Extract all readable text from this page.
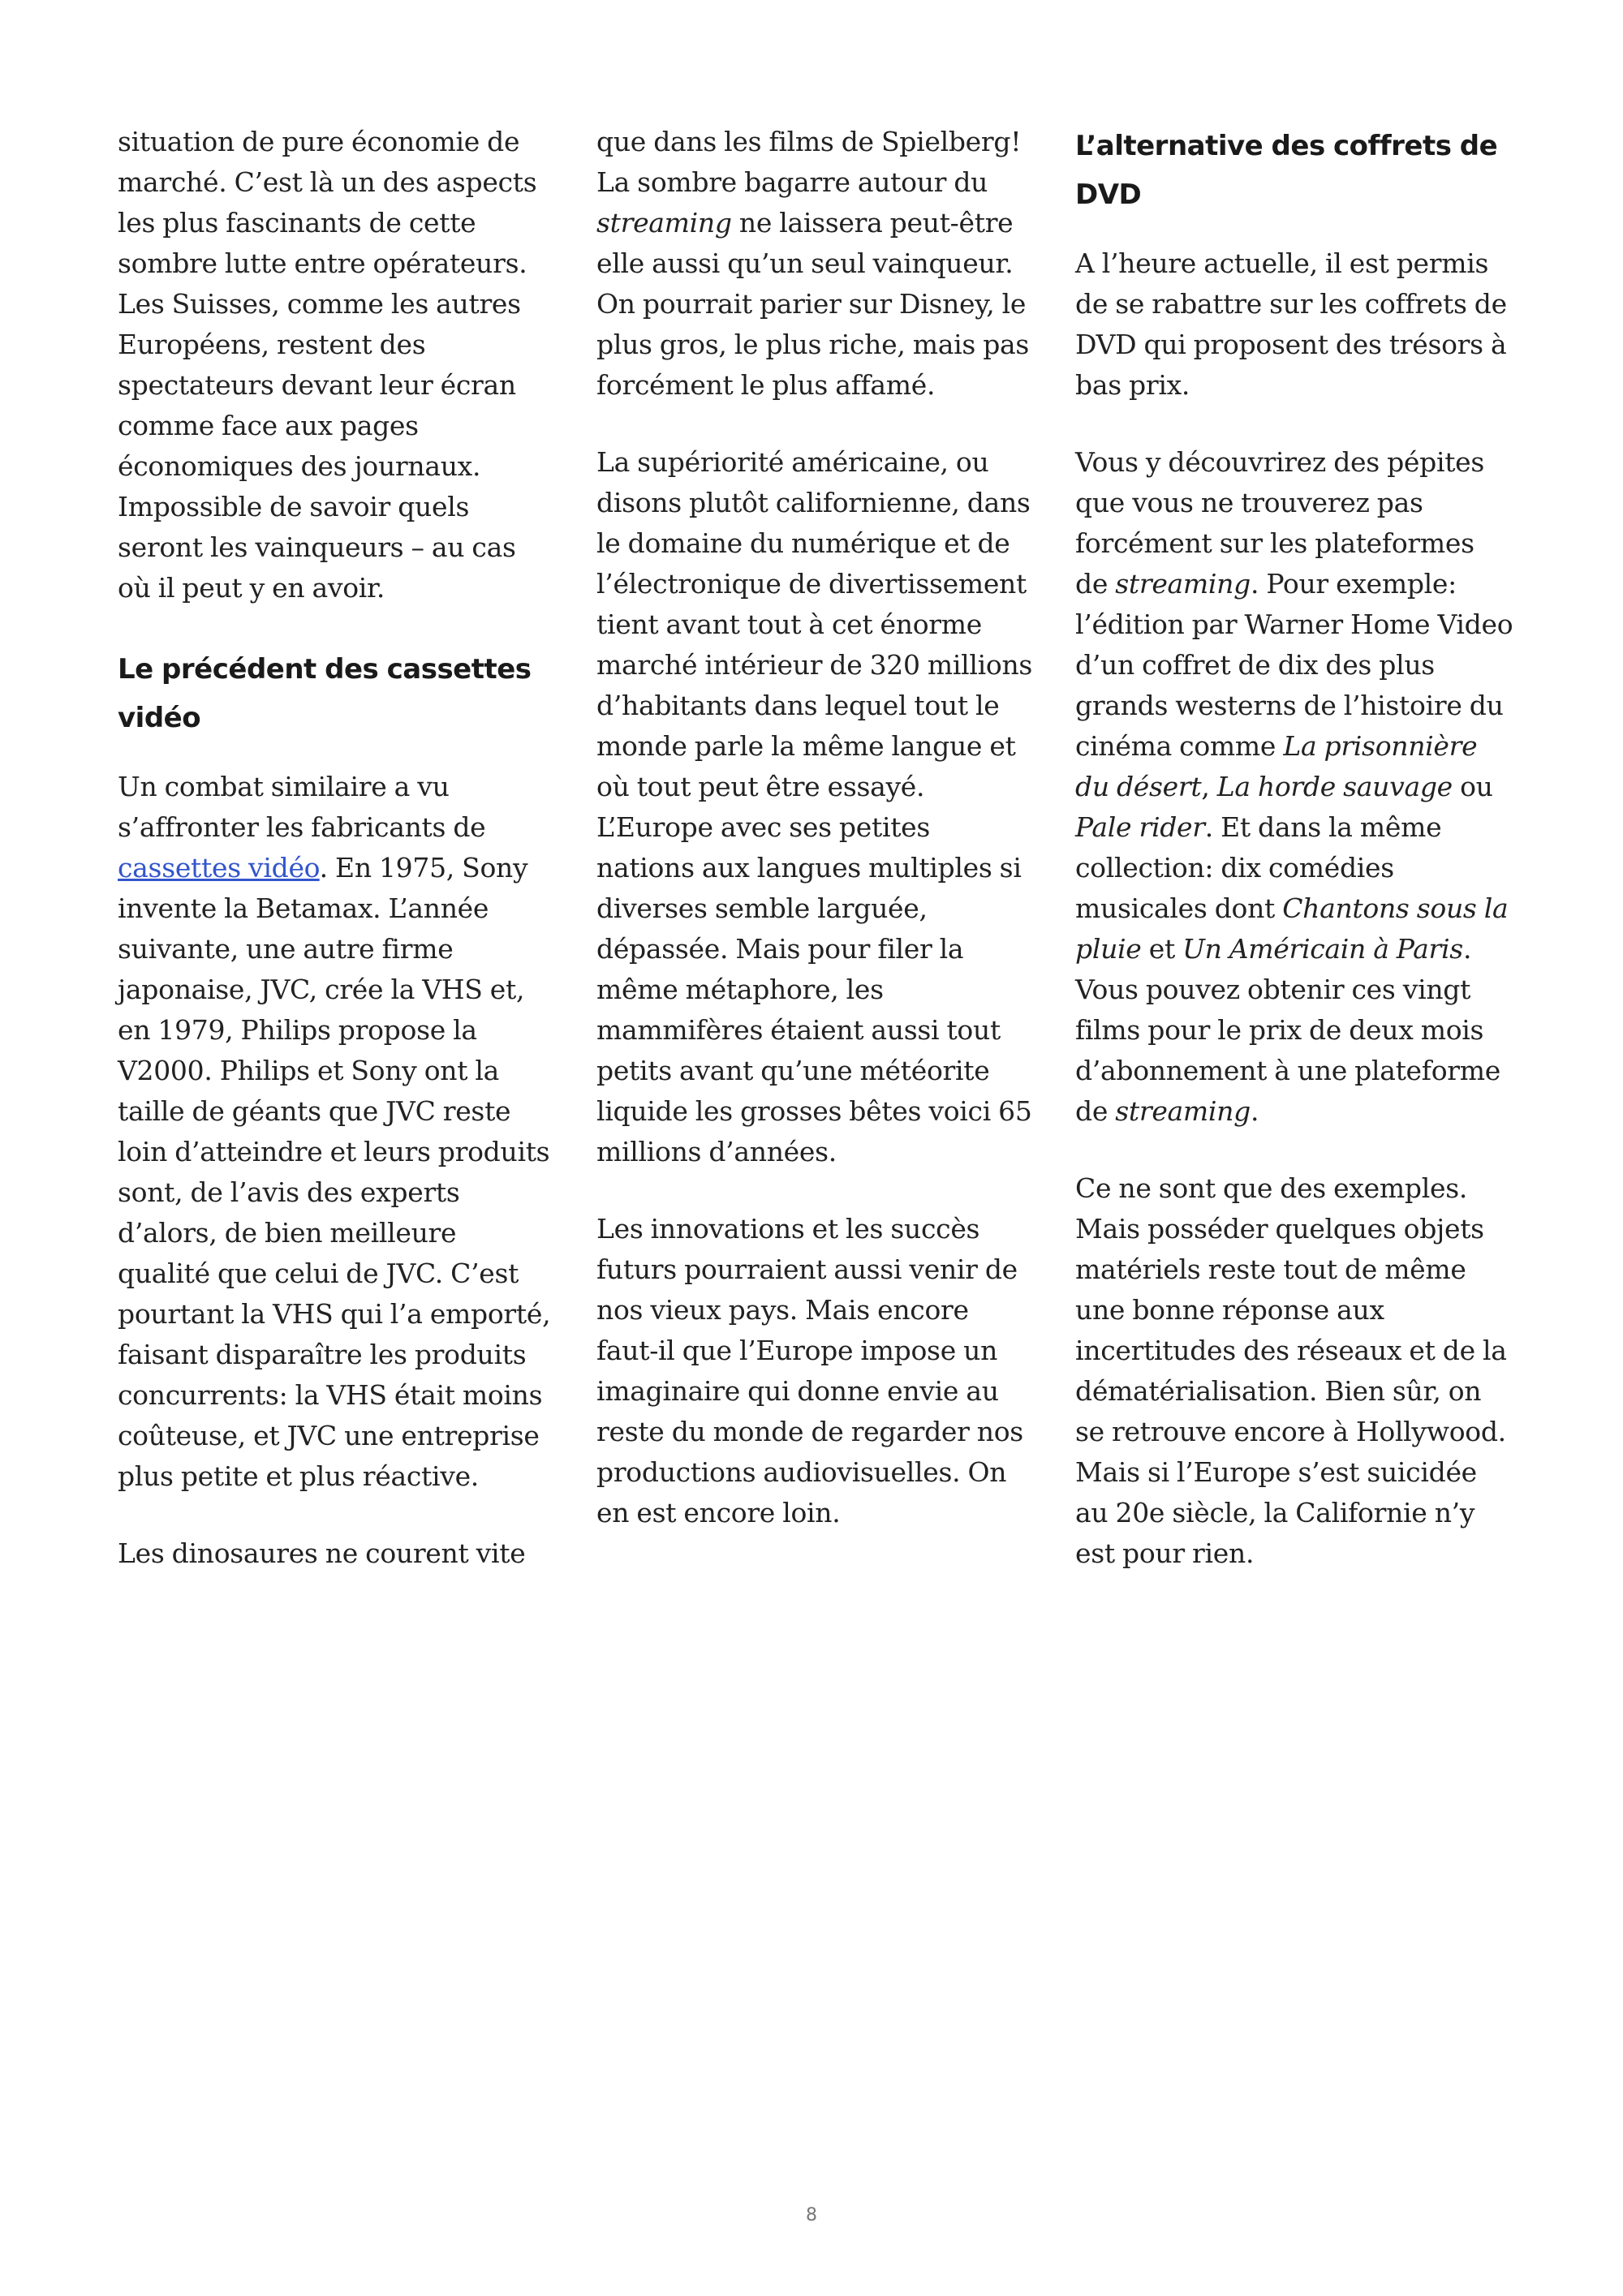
situation de pure économie de marché. C’est là un des aspects les plus fascinants de cette sombre lutte entre opérateurs. Les Suisses, comme les autres Européens, restent des spectateurs devant leur écran comme face aux pages économiques des journaux. Impossible de savoir quels seront les vainqueurs – au cas où il peut y en avoir.

Le précédent des cassettes vidéo

Un combat similaire a vu s’affronter les fabricants de cassettes vidéo. En 1975, Sony invente la Betamax. L’année suivante, une autre firme japonaise, JVC, crée la VHS et, en 1979, Philips propose la V2000. Philips et Sony ont la taille de géants que JVC reste loin d’atteindre et leurs produits sont, de l’avis des experts d’alors, de bien meilleure qualité que celui de JVC. C’est pourtant la VHS qui l’a emporté, faisant disparaître les produits concurrents: la VHS était moins coûteuse, et JVC une entreprise plus petite et plus réactive.

Les dinosaures ne courent vite

que dans les films de Spielberg! La sombre bagarre autour du streaming ne laissera peut-être elle aussi qu’un seul vainqueur. On pourrait parier sur Disney, le plus gros, le plus riche, mais pas forcément le plus affamé.

La supériorité américaine, ou disons plutôt californienne, dans le domaine du numérique et de l’électronique de divertissement tient avant tout à cet énorme marché intérieur de 320 millions d’habitants dans lequel tout le monde parle la même langue et où tout peut être essayé. L’Europe avec ses petites nations aux langues multiples si diverses semble larguée, dépassée. Mais pour filer la même métaphore, les mammifères étaient aussi tout petits avant qu’une météorite liquide les grosses bêtes voici 65 millions d’années.

Les innovations et les succès futurs pourraient aussi venir de nos vieux pays. Mais encore faut-il que l’Europe impose un imaginaire qui donne envie au reste du monde de regarder nos productions audiovisuelles. On en est encore loin.

L’alternative des coffrets de DVD

A l’heure actuelle, il est permis de se rabattre sur les coffrets de DVD qui proposent des trésors à bas prix.

Vous y découvrirez des pépites que vous ne trouverez pas forcément sur les plateformes de streaming. Pour exemple: l’édition par Warner Home Video d’un coffret de dix des plus grands westerns de l’histoire du cinéma comme La prisonnière du désert, La horde sauvage ou Pale rider. Et dans la même collection: dix comédies musicales dont Chantons sous la pluie et Un Américain à Paris. Vous pouvez obtenir ces vingt films pour le prix de deux mois d’abonnement à une plateforme de streaming.

Ce ne sont que des exemples. Mais posséder quelques objets matériels reste tout de même une bonne réponse aux incertitudes des réseaux et de la dématérialisation. Bien sûr, on se retrouve encore à Hollywood. Mais si l’Europe s’est suicidée au 20e siècle, la Californie n’y est pour rien.

8
